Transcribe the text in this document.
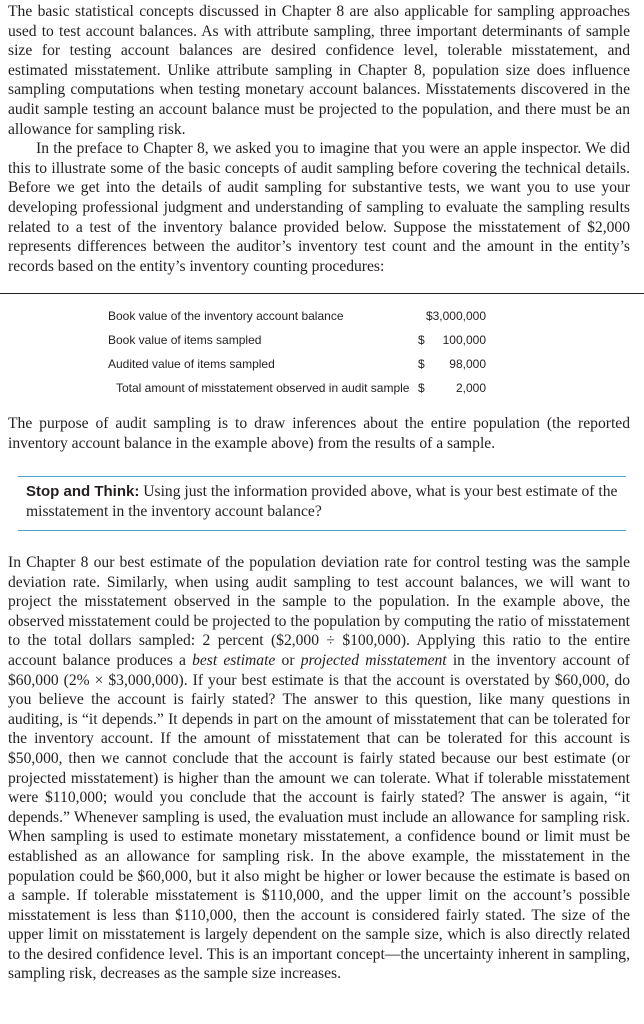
The basic statistical concepts discussed in Chapter 8 are also applicable for sampling approaches used to test account balances. As with attribute sampling, three important determinants of sample size for testing account balances are desired confidence level, tolerable misstatement, and estimated misstatement. Unlike attribute sampling in Chapter 8, population size does influence sampling computations when testing monetary account balances. Misstatements discovered in the audit sample testing an account balance must be projected to the population, and there must be an allowance for sampling risk.

In the preface to Chapter 8, we asked you to imagine that you were an apple inspector. We did this to illustrate some of the basic concepts of audit sampling before covering the technical details. Before we get into the details of audit sampling for substantive tests, we want you to use your developing professional judgment and understanding of sampling to evaluate the sampling results related to a test of the inventory balance provided below. Suppose the misstatement of $2,000 represents differences between the auditor’s inventory test count and the amount in the entity’s records based on the entity’s inventory counting procedures:

Book value of the inventory account balance	$3,000,000
Book value of items sampled	$ 100,000
Audited value of items sampled	$ 98,000
Total amount of misstatement observed in audit sample	$ 2,000

The purpose of audit sampling is to draw inferences about the entire population (the reported inventory account balance in the example above) from the results of a sample.

Stop and Think: Using just the information provided above, what is your best estimate of the misstatement in the inventory account balance?

In Chapter 8 our best estimate of the population deviation rate for control testing was the sample deviation rate. Similarly, when using audit sampling to test account balances, we will want to project the misstatement observed in the sample to the population. In the example above, the observed misstatement could be projected to the population by computing the ratio of misstatement to the total dollars sampled: 2 percent ($2,000 ÷ $100,000). Applying this ratio to the entire account balance produces a best estimate or projected misstatement in the inventory account of $60,000 (2% × $3,000,000). If your best estimate is that the account is overstated by $60,000, do you believe the account is fairly stated? The answer to this question, like many questions in auditing, is “it depends.” It depends in part on the amount of misstatement that can be tolerated for the inventory account. If the amount of misstatement that can be tolerated for this account is $50,000, then we cannot conclude that the account is fairly stated because our best estimate (or projected misstatement) is higher than the amount we can tolerate. What if tolerable misstatement were $110,000; would you conclude that the account is fairly stated? The answer is again, “it depends.” Whenever sampling is used, the evaluation must include an allowance for sampling risk. When sampling is used to estimate monetary misstatement, a confidence bound or limit must be established as an allowance for sampling risk. In the above example, the misstatement in the population could be $60,000, but it also might be higher or lower because the estimate is based on a sample. If tolerable misstatement is $110,000, and the upper limit on the account’s possible misstatement is less than $110,000, then the account is considered fairly stated. The size of the upper limit on misstatement is largely dependent on the sample size, which is also directly related to the desired confidence level. This is an important concept—the uncertainty inherent in sampling, sampling risk, decreases as the sample size increases.
